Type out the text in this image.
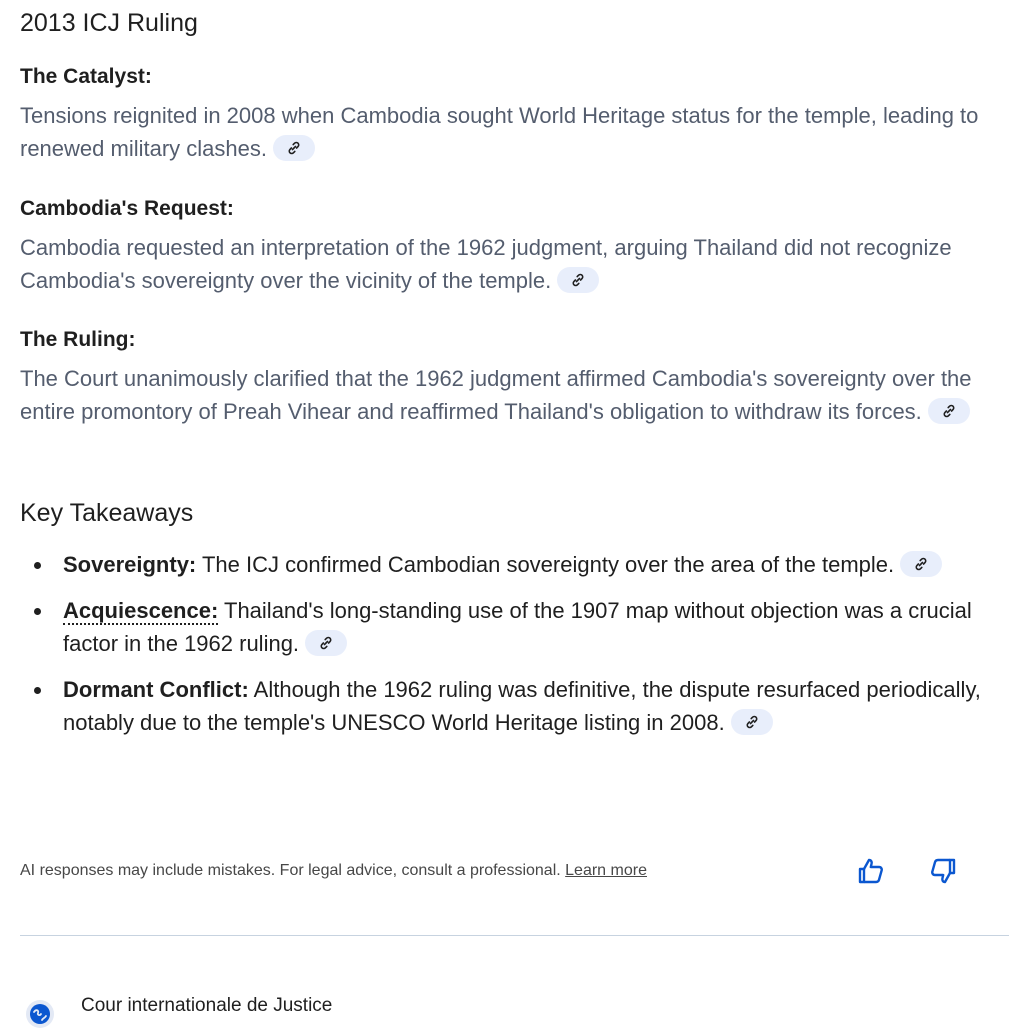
2013 ICJ Ruling
The Catalyst:

Tensions reignited in 2008 when Cambodia sought World Heritage status for the temple, leading to renewed military clashes.

Cambodia's Request:

Cambodia requested an interpretation of the 1962 judgment, arguing Thailand did not recognize Cambodia's sovereignty over the vicinity of the temple.

The Ruling:

The Court unanimously clarified that the 1962 judgment affirmed Cambodia's sovereignty over the entire promontory of Preah Vihear and reaffirmed Thailand's obligation to withdraw its forces.

Key Takeaways
Sovereignty: The ICJ confirmed Cambodian sovereignty over the area of the temple.
Acquiescence: Thailand's long-standing use of the 1907 map without objection was a crucial factor in the 1962 ruling.
Dormant Conflict: Although the 1962 ruling was definitive, the dispute resurfaced periodically, notably due to the temple's UNESCO World Heritage listing in 2008.
AI responses may include mistakes. For legal advice, consult a professional. Learn more
Cour internationale de Justice
